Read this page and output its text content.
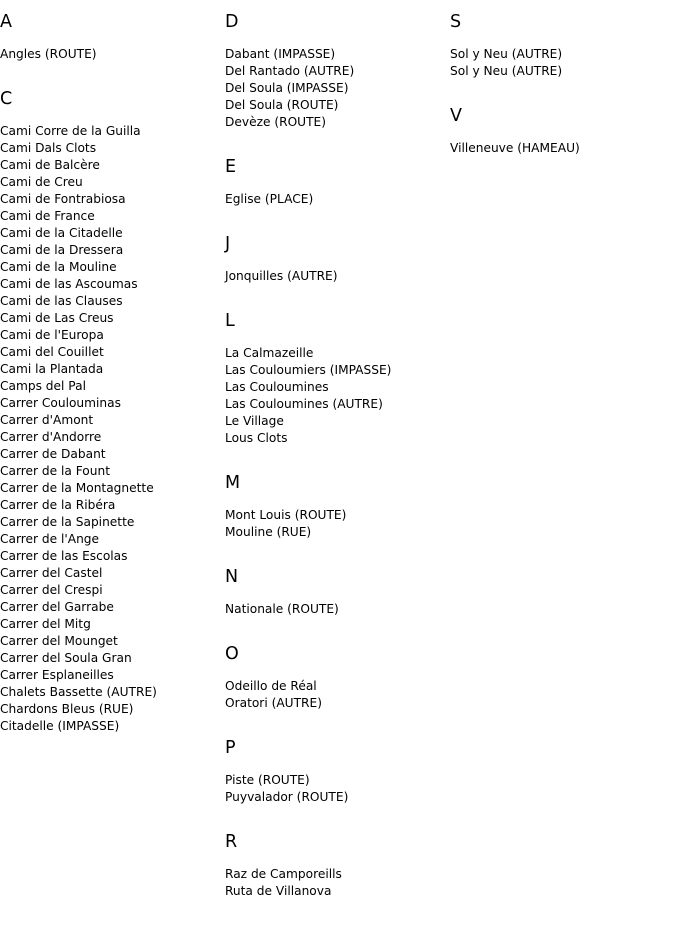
A
Angles (ROUTE)
C
Cami Corre de la Guilla
Cami Dals Clots
Cami de Balcère
Cami de Creu
Cami de Fontrabiosa
Cami de France
Cami de la Citadelle
Cami de la Dressera
Cami de la Mouline
Cami de las Ascoumas
Cami de las Clauses
Cami de Las Creus
Cami de l'Europa
Cami del Couillet
Cami la Plantada
Camps del Pal
Carrer Coulouminas
Carrer d'Amont
Carrer d'Andorre
Carrer de Dabant
Carrer de la Fount
Carrer de la Montagnette
Carrer de la Ribéra
Carrer de la Sapinette
Carrer de l'Ange
Carrer de las Escolas
Carrer del Castel
Carrer del Crespi
Carrer del Garrabe
Carrer del Mitg
Carrer del Mounget
Carrer del Soula Gran
Carrer Esplaneilles
Chalets Bassette (AUTRE)
Chardons Bleus (RUE)
Citadelle (IMPASSE)
D
Dabant (IMPASSE)
Del Rantado (AUTRE)
Del Soula (IMPASSE)
Del Soula (ROUTE)
Devèze (ROUTE)
E
Eglise (PLACE)
J
Jonquilles (AUTRE)
L
La Calmazeille
Las Couloumiers (IMPASSE)
Las Couloumines
Las Couloumines (AUTRE)
Le Village
Lous Clots
M
Mont Louis (ROUTE)
Mouline (RUE)
N
Nationale (ROUTE)
O
Odeillo de Réal
Oratori (AUTRE)
P
Piste (ROUTE)
Puyvalador (ROUTE)
R
Raz de Camporeills
Ruta de Villanova
S
Sol y Neu (AUTRE)
Sol y Neu (AUTRE)
V
Villeneuve (HAMEAU)
